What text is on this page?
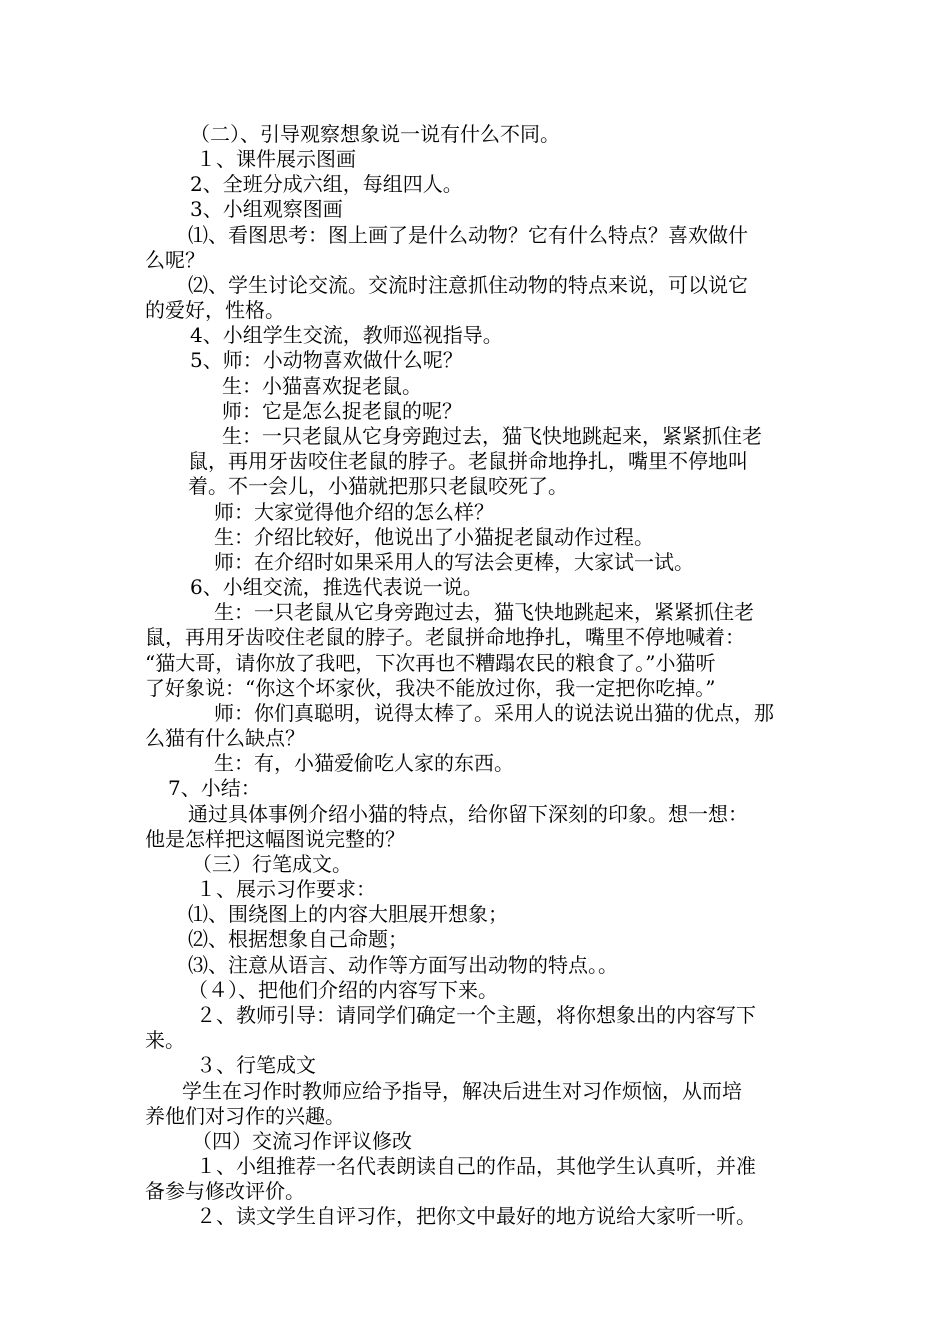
（二）、引导观察想象说一说有什么不同。
１、课件展示图画
2、全班分成六组，每组四人。
3、小组观察图画
⑴、看图思考：图上画了是什么动物？它有什么特点？喜欢做什
么呢？
⑵、学生讨论交流。交流时注意抓住动物的特点来说，可以说它
的爱好，性格。
4、小组学生交流，教师巡视指导。
5、师：小动物喜欢做什么呢？
生：小猫喜欢捉老鼠。
师：它是怎么捉老鼠的呢？
生：一只老鼠从它身旁跑过去，猫飞快地跳起来，紧紧抓住老
鼠，再用牙齿咬住老鼠的脖子。老鼠拼命地挣扎，嘴里不停地叫
着。不一会儿，小猫就把那只老鼠咬死了。
师：大家觉得他介绍的怎么样？
生：介绍比较好，他说出了小猫捉老鼠动作过程。
师：在介绍时如果采用人的写法会更棒，大家试一试。
6、小组交流，推选代表说一说。
生：一只老鼠从它身旁跑过去，猫飞快地跳起来，紧紧抓住老
鼠，再用牙齿咬住老鼠的脖子。老鼠拼命地挣扎，嘴里不停地喊着：
“猫大哥，请你放了我吧，下次再也不糟蹋农民的粮食了。”小猫听
了好象说：“你这个坏家伙，我决不能放过你，我一定把你吃掉。”
师：你们真聪明，说得太棒了。采用人的说法说出猫的优点，那
么猫有什么缺点？
生：有，小猫爱偷吃人家的东西。
7、小结：
通过具体事例介绍小猫的特点，给你留下深刻的印象。想一想：
他是怎样把这幅图说完整的？
（三）行笔成文。
１、展示习作要求：
⑴、围绕图上的内容大胆展开想象；
⑵、根据想象自己命题；
⑶、注意从语言、动作等方面写出动物的特点。。
（４）、把他们介绍的内容写下来。
２、教师引导：请同学们确定一个主题，将你想象出的内容写下
来。
３、行笔成文
学生在习作时教师应给予指导，解决后进生对习作烦恼，从而培
养他们对习作的兴趣。
（四）交流习作评议修改
１、小组推荐一名代表朗读自己的作品，其他学生认真听，并准
备参与修改评价。
２、读文学生自评习作，把你文中最好的地方说给大家听一听。
